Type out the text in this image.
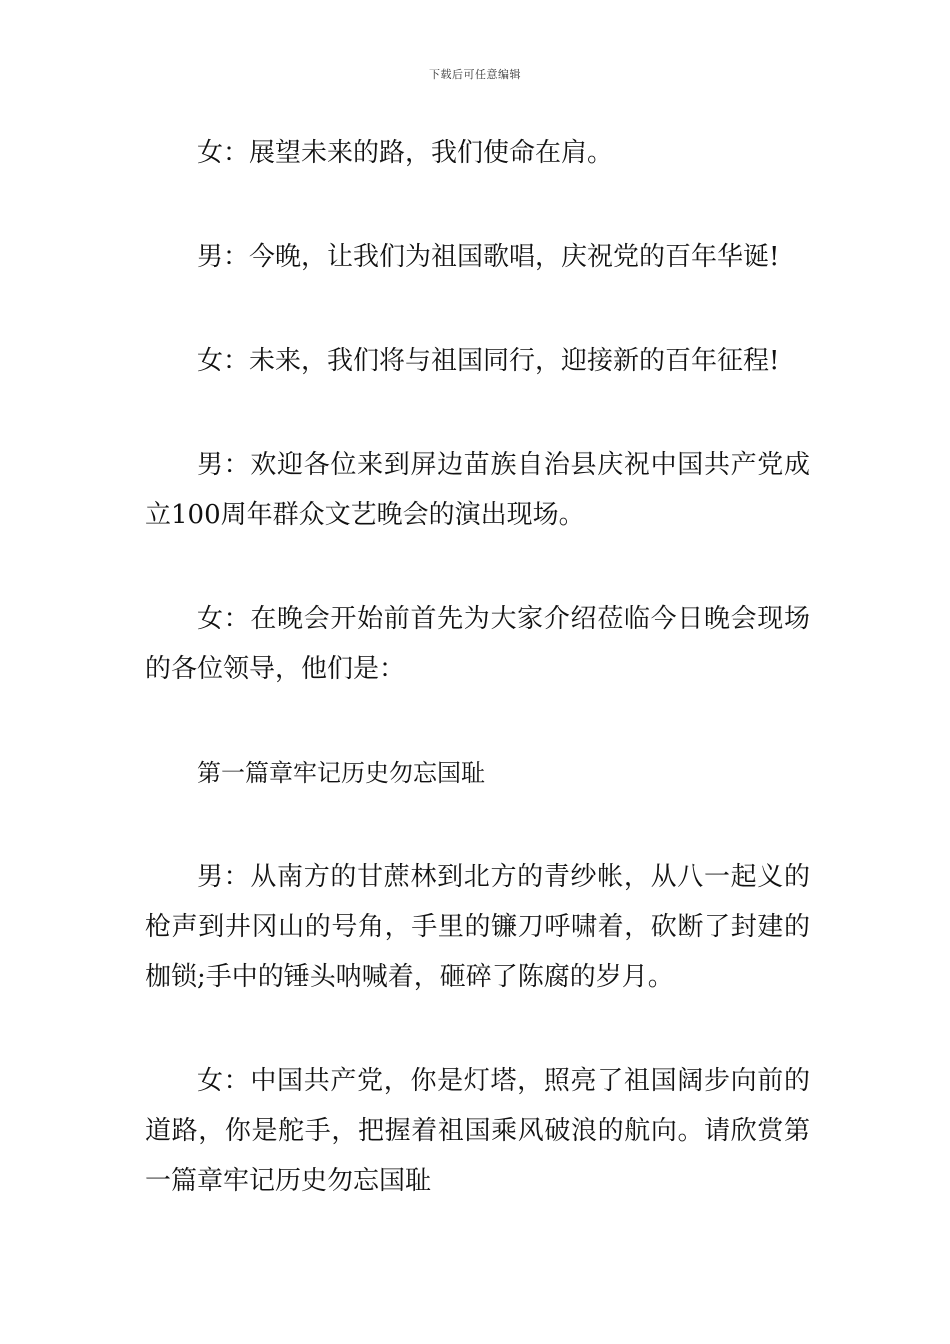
下载后可任意编辑

女：展望未来的路，我们使命在肩。

男：今晚，让我们为祖国歌唱，庆祝党的百年华诞!

女：未来，我们将与祖国同行，迎接新的百年征程!

男：欢迎各位来到屏边苗族自治县庆祝中国共产党成立100周年群众文艺晚会的演出现场。

女：在晚会开始前首先为大家介绍莅临今日晚会现场的各位领导，他们是：

第一篇章牢记历史勿忘国耻

男：从南方的甘蔗林到北方的青纱帐，从八一起义的枪声到井冈山的号角，手里的镰刀呼啸着，砍断了封建的枷锁;手中的锤头呐喊着，砸碎了陈腐的岁月。

女：中国共产党，你是灯塔，照亮了祖国阔步向前的道路，你是舵手，把握着祖国乘风破浪的航向。请欣赏第一篇章牢记历史勿忘国耻
